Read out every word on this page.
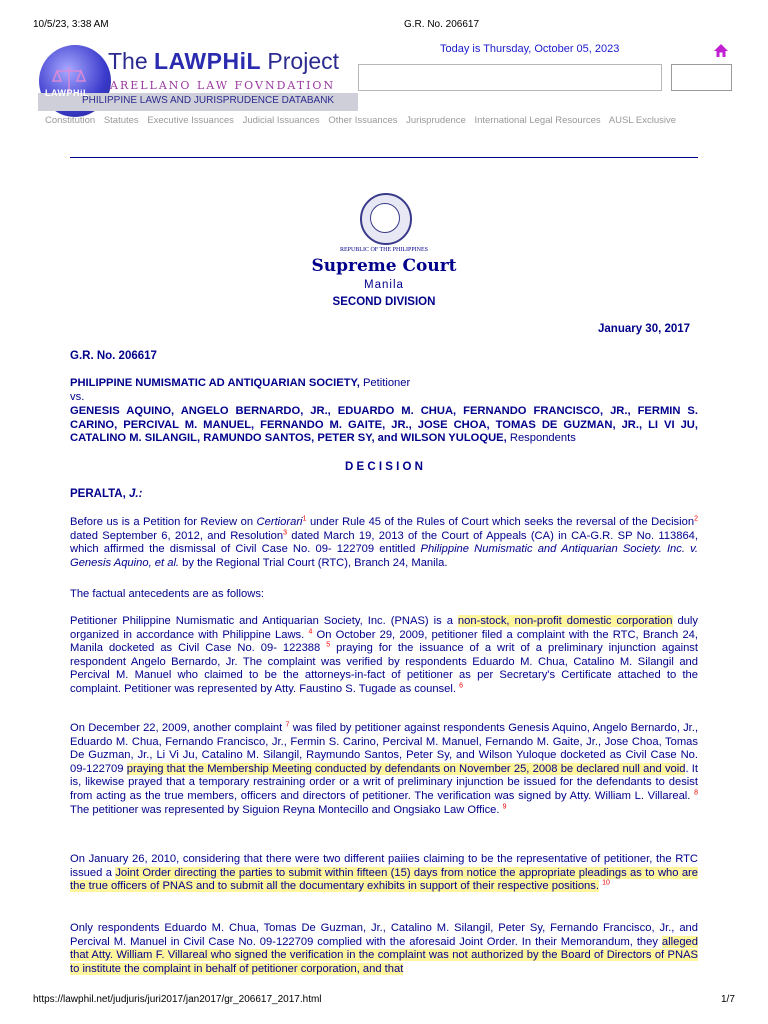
10/5/23, 3:38 AM	G.R. No. 206617
The LAWPHiL Project
ARELLANO LAW FOVNDATION
LAWPHiL
PHILIPPINE LAWS AND JURISPRUDENCE DATABANK
Today is Thursday, October 05, 2023
Constitution Statutes Executive Issuances Judicial Issuances Other Issuances Jurisprudence International Legal Resources AUSL Exclusive
REPUBLIC OF THE PHILIPPINES
Supreme Court
Manila
SECOND DIVISION
January 30, 2017
G.R. No. 206617
PHILIPPINE NUMISMATIC AD ANTIQUARIAN SOCIETY, Petitioner
vs.
GENESIS AQUINO, ANGELO BERNARDO, JR., EDUARDO M. CHUA, FERNANDO FRANCISCO, JR., FERMIN S. CARINO, PERCIVAL M. MANUEL, FERNANDO M. GAITE, JR., JOSE CHOA, TOMAS DE GUZMAN, JR., LI VI JU, CATALINO M. SILANGIL, RAMUNDO SANTOS, PETER SY, and WILSON YULOQUE, Respondents
D E C I S I O N
PERALTA, J.:
Before us is a Petition for Review on Certiorari$^1$ under Rule 45 of the Rules of Court which seeks the reversal of the Decision$^2$ dated September 6, 2012, and Resolution$^3$ dated March 19, 2013 of the Court of Appeals (CA) in CA-G.R. SP No. 113864, which affirmed the dismissal of Civil Case No. 09- 122709 entitled Philippine Numismatic and Antiquarian Society. Inc. v. Genesis Aquino, et al. by the Regional Trial Court (RTC), Branch 24, Manila.
The factual antecedents are as follows:
Petitioner Philippine Numismatic and Antiquarian Society, Inc. (PNAS) is a non-stock, non-profit domestic corporation duly organized in accordance with Philippine Laws. $^4$ On October 29, 2009, petitioner filed a complaint with the RTC, Branch 24, Manila docketed as Civil Case No. 09- 122388 $^5$ praying for the issuance of a writ of a preliminary injunction against respondent Angelo Bernardo, Jr. The complaint was verified by respondents Eduardo M. Chua, Catalino M. Silangil and Percival M. Manuel who claimed to be the attorneys-in-fact of petitioner as per Secretary's Certificate attached to the complaint. Petitioner was represented by Atty. Faustino S. Tugade as counsel. $^6$
On December 22, 2009, another complaint $^7$ was filed by petitioner against respondents Genesis Aquino, Angelo Bernardo, Jr., Eduardo M. Chua, Fernando Francisco, Jr., Fermin S. Carino, Percival M. Manuel, Fernando M. Gaite, Jr., Jose Choa, Tomas De Guzman, Jr., Li Vi Ju, Catalino M. Silangil, Raymundo Santos, Peter Sy, and Wilson Yuloque docketed as Civil Case No. 09-122709 praying that the Membership Meeting conducted by defendants on November 25, 2008 be declared null and void. It is, likewise prayed that a temporary restraining order or a writ of preliminary injunction be issued for the defendants to desist from acting as the true members, officers and directors of petitioner. The verification was signed by Atty. William L. Villareal. $^8$ The petitioner was represented by Siguion Reyna Montecillo and Ongsiako Law Office. $^9$
On January 26, 2010, considering that there were two different paiiies claiming to be the representative of petitioner, the RTC issued a Joint Order directing the parties to submit within fifteen (15) days from notice the appropriate pleadings as to who are the true officers of PNAS and to submit all the documentary exhibits in support of their respective positions. $^{10}$
Only respondents Eduardo M. Chua, Tomas De Guzman, Jr., Catalino M. Silangil, Peter Sy, Fernando Francisco, Jr., and Percival M. Manuel in Civil Case No. 09-122709 complied with the aforesaid Joint Order. In their Memorandum, they alleged that Atty. William F. Villareal who signed the verification in the complaint was not authorized by the Board of Directors of PNAS to institute the complaint in behalf of petitioner corporation, and that
https://lawphil.net/judjuris/juri2017/jan2017/gr_206617_2017.html	1/7
